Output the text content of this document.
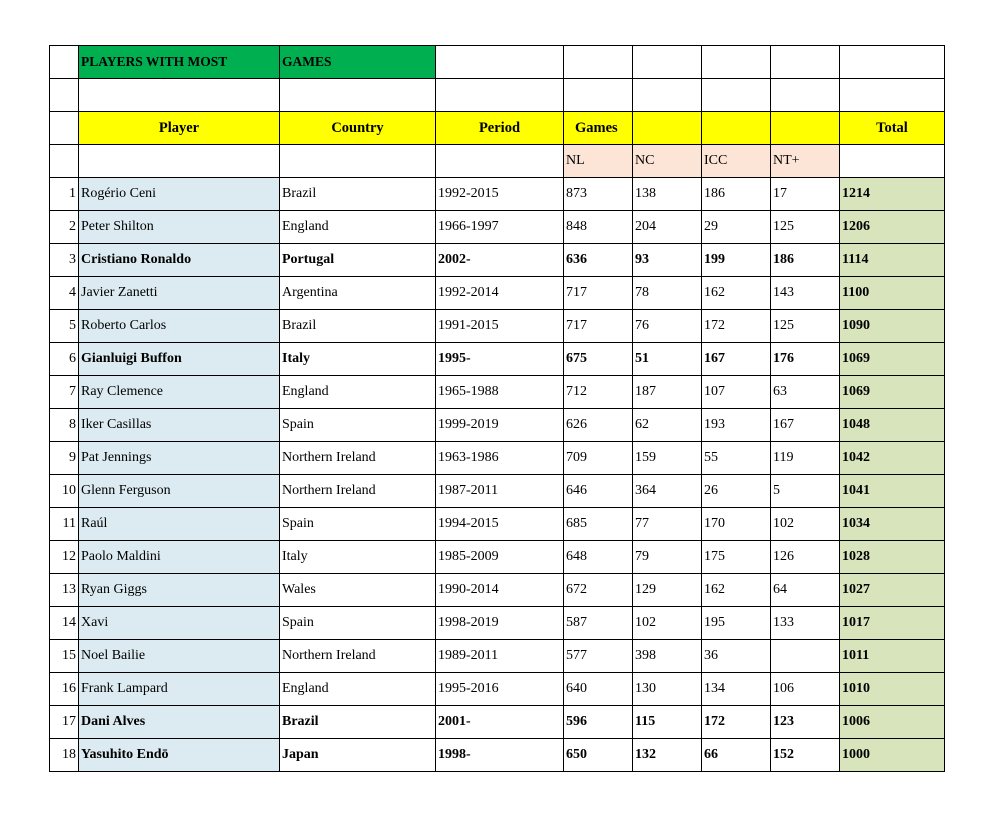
	PLAYERS WITH MOST	GAMES						

	Player	Country	Period	Games				Total
				NL	NC	ICC	NT+	
1	Rogério Ceni	Brazil	1992-2015	873	138	186	17	1214
2	Peter Shilton	England	1966-1997	848	204	29	125	1206
3	Cristiano Ronaldo	Portugal	2002-	636	93	199	186	1114
4	Javier Zanetti	Argentina	1992-2014	717	78	162	143	1100
5	Roberto Carlos	Brazil	1991-2015	717	76	172	125	1090
6	Gianluigi Buffon	Italy	1995-	675	51	167	176	1069
7	Ray Clemence	England	1965-1988	712	187	107	63	1069
8	Iker Casillas	Spain	1999-2019	626	62	193	167	1048
9	Pat Jennings	Northern Ireland	1963-1986	709	159	55	119	1042
10	Glenn Ferguson	Northern Ireland	1987-2011	646	364	26	5	1041
11	Raúl	Spain	1994-2015	685	77	170	102	1034
12	Paolo Maldini	Italy	1985-2009	648	79	175	126	1028
13	Ryan Giggs	Wales	1990-2014	672	129	162	64	1027
14	Xavi	Spain	1998-2019	587	102	195	133	1017
15	Noel Bailie	Northern Ireland	1989-2011	577	398	36		1011
16	Frank Lampard	England	1995-2016	640	130	134	106	1010
17	Dani Alves	Brazil	2001-	596	115	172	123	1006
18	Yasuhito Endō	Japan	1998-	650	132	66	152	1000
